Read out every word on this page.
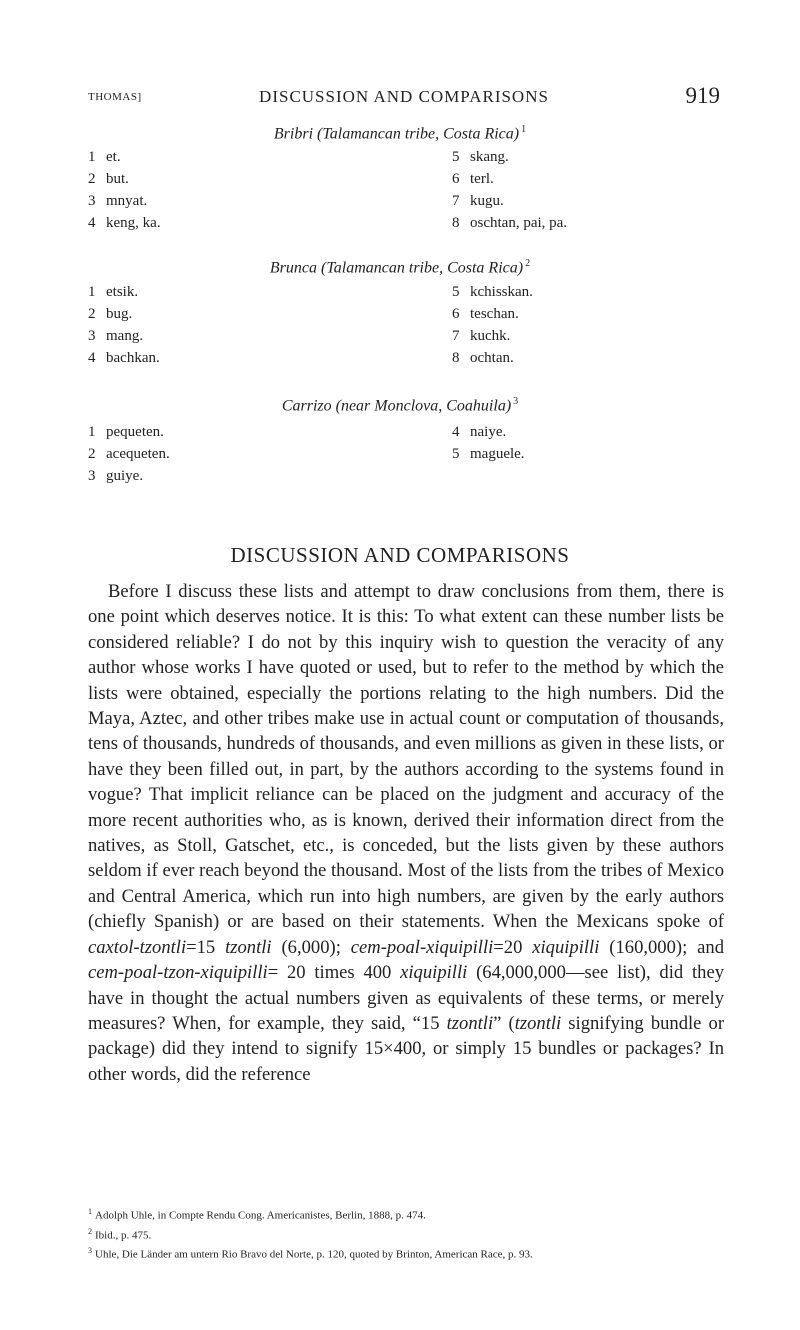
THOMAS]	DISCUSSION AND COMPARISONS	919
Bribri (Talamancan tribe, Costa Rica) $^1$
1 et.
2 but.
3 mnyat.
4 keng, ka.
5 skang.
6 terl.
7 kugu.
8 oschtan, pai, pa.
Brunca (Talamancan tribe, Costa Rica) $^2$
1 etsik.
2 bug.
3 mang.
4 bachkan.
5 kchisskan.
6 teschan.
7 kuchk.
8 ochtan.
Carrizo (near Monclova, Coahuila) $^3$
1 pequeten.
2 acequeten.
3 guiye.
4 naiye.
5 maguele.
DISCUSSION AND COMPARISONS
Before I discuss these lists and attempt to draw conclusions from them, there is one point which deserves notice. It is this: To what extent can these number lists be considered reliable? I do not by this inquiry wish to question the veracity of any author whose works I have quoted or used, but to refer to the method by which the lists were obtained, especially the portions relating to the high numbers. Did the Maya, Aztec, and other tribes make use in actual count or computation of thousands, tens of thousands, hundreds of thousands, and even millions as given in these lists, or have they been filled out, in part, by the authors according to the systems found in vogue? That implicit reliance can be placed on the judgment and accuracy of the more recent authorities who, as is known, derived their information direct from the natives, as Stoll, Gatschet, etc., is conceded, but the lists given by these authors seldom if ever reach beyond the thousand. Most of the lists from the tribes of Mexico and Central America, which run into high numbers, are given by the early authors (chiefly Spanish) or are based on their statements. When the Mexicans spoke of caxtol-tzontli=15 tzontli (6,000); cem-poal-xiquipilli=20 xiquipilli (160,000); and cem-poal-tzon-xiquipilli= 20 times 400 xiquipilli (64,000,000—see list), did they have in thought the actual numbers given as equivalents of these terms, or merely measures? When, for example, they said, “15 tzontli” (tzontli signifying bundle or package) did they intend to signify 15×400, or simply 15 bundles or packages? In other words, did the reference
$^1$ Adolph Uhle, in Compte Rendu Cong. Americanistes, Berlin, 1888, p. 474.
$^2$ Ibid., p. 475.
$^3$ Uhle, Die Länder am untern Rio Bravo del Norte, p. 120, quoted by Brinton, American Race, p. 93.
